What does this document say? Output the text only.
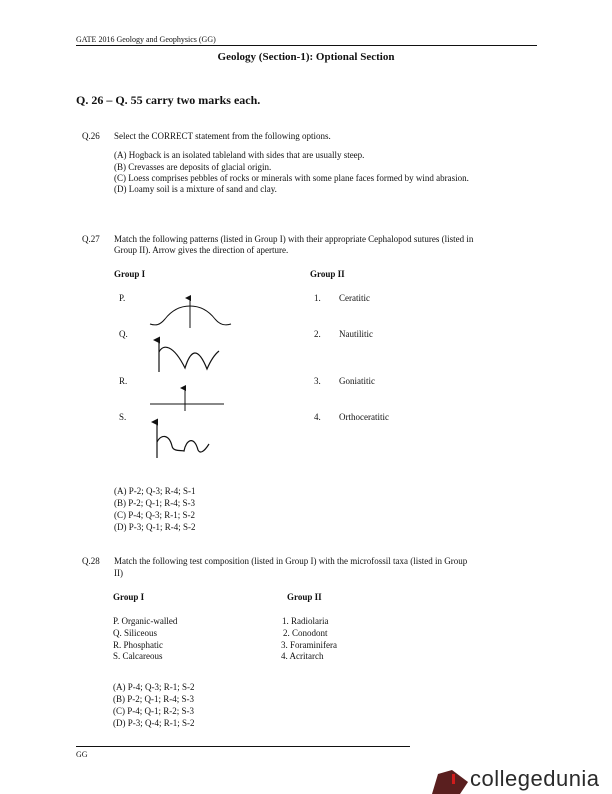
GATE 2016 Geology and Geophysics (GG)
Geology (Section-1): Optional Section
Q. 26 – Q. 55 carry two marks each.
Q.26 Select the CORRECT statement from the following options.
(A) Hogback is an isolated tableland with sides that are usually steep.
(B) Crevasses are deposits of glacial origin.
(C) Loess comprises pebbles of rocks or minerals with some plane faces formed by wind abrasion.
(D) Loamy soil is a mixture of sand and clay.
Q.27 Match the following patterns (listed in Group I) with their appropriate Cephalopod sutures (listed in
Group II). Arrow gives the direction of aperture.
Group I	Group II
P.
Q.
R.
S.
1. Ceratitic
2. Nautilitic
3. Goniatitic
4. Orthoceratitic
(A) P-2; Q-3; R-4; S-1
(B) P-2; Q-1; R-4; S-3
(C) P-4; Q-3; R-1; S-2
(D) P-3; Q-1; R-4; S-2
Q.28 Match the following test composition (listed in Group I) with the microfossil taxa (listed in Group
II)
Group I	Group II
P. Organic-walled
Q. Siliceous
R. Phosphatic
S. Calcareous
1. Radiolaria
2. Conodont
3. Foraminifera
4. Acritarch
(A) P-4; Q-3; R-1; S-2
(B) P-2; Q-1; R-4; S-3
(C) P-4; Q-1; R-2; S-3
(D) P-3; Q-4; R-1; S-2
GG
collegedunia
